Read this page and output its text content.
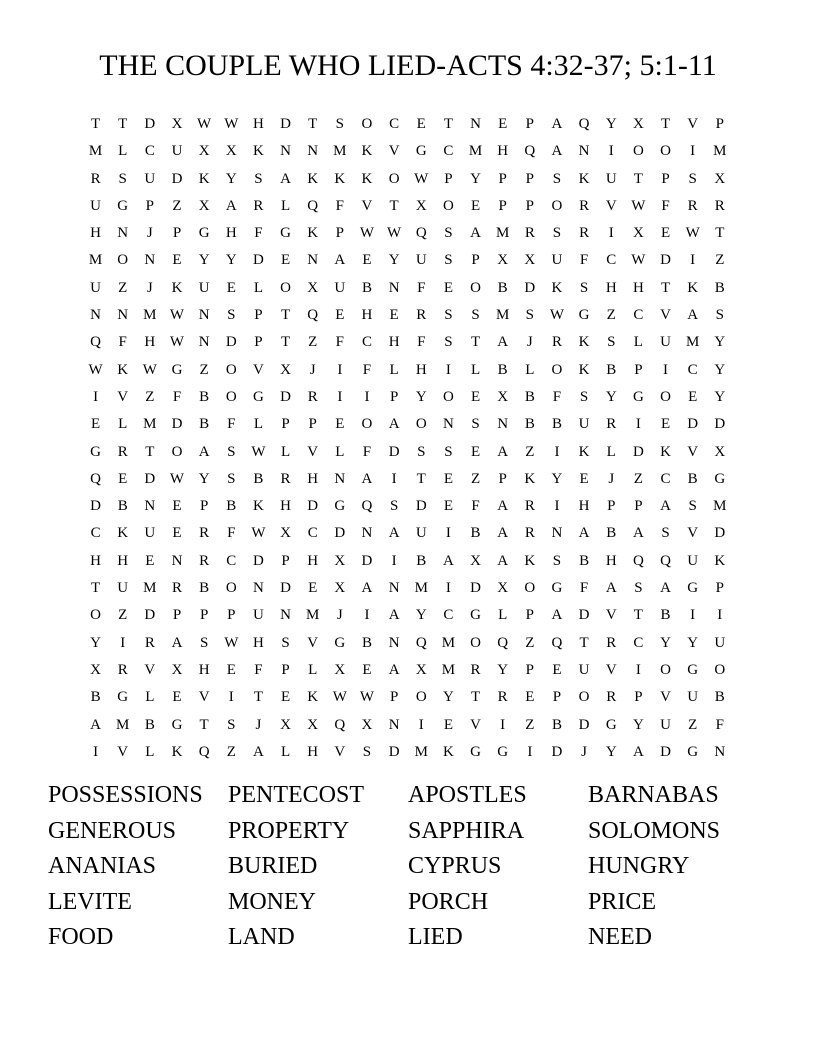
THE COUPLE WHO LIED-ACTS 4:32-37; 5:1-11
T	T	D	X W W H	D	T	S	O	C	E	T	N	E	P	A	Q	Y	X	T	V	P
M	L	C	U	X	X	K	N	N	M	K	V	G	C	M	H	Q	A	N	I	O	O	I	M
R	S	U	D	K	Y	S	A	K	K	K	O W	P	Y	P	P	S	K	U	T	P	S	X
U	G	P	Z	X	A	R	L	Q	F	V	T	X	O	E	P	P	O	R	V W	F	R	R
H	N	J	P	G	H	F	G	K	P	W W Q	S	A	M	R	S	R	I	X	E	W	T
M	O	N	E	Y	Y	D	E	N	A	E	Y	U	S	P	X	X	U	F	C	W D	I	Z
U	Z	J	K	U	E	L	O	X	U	B	N	F	E	O	B	D	K	S	H	H	T	K	B
N	N	M W N	S	P	T	Q	E	H	E	R	S	S	M	S	W G	Z	C	V	A	S
Q	F	H W N	D	P	T	Z	F	C	H	F	S	T	A	J	R	K	S	L	U	M	Y
W K W G	Z	O	V	X	J	I	F	L	H	I	L	B	L	O	K	B	P	I	C	Y
I	V	Z	F	B	O	G	D	R	I	I	P	Y	O	E	X	B	F	S	Y	G	O	E	Y
E	L	M	D	B	F	L	P	P	E	O	A	O	N	S	N	B	B	U	R	I	E	D	D
G	R	T	O	A	S	W	L	V	L	F	D	S	S	E	A	Z	I	K	L	D	K	V	X
Q	E	D W Y	S	B	R	H	N	A	I	T	E	Z	P	K	Y	E	J	Z	C	B	G
D	B	N	E	P	B	K	H	D	G	Q	S	D	E	F	A	R	I	H	P	P	A	S	M
C	K	U	E	R	F	W X	C	D	N	A	U	I	B	A	R	N	A	B	A	S	V	D
H	H	E	N	R	C	D	P	H	X	D	I	B	A	X	A	K	S	B	H	Q	Q	U	K
T	U	M	R	B	O	N	D	E	X	A	N	M	I	D	X	O	G	F	A	S	A	G	P
O	Z	D	P	P	P	U	N	M	J	I	A	Y	C	G	L	P	A	D	V	T	B	I	I
Y	I	R	A	S	W H	S	V	G	B	N	Q	M	O	Q	Z	Q	T	R	C	Y	Y	U
X	R	V	X	H	E	F	P	L	X	E	A	X	M	R	Y	P	E	U	V	I	O	G	O
B	G	L	E	V	I	T	E	K W W	P	O	Y	T	R	E	P	O	R	P	V	U	B
A	M	B	G	T	S	J	X	X	Q	X	N	I	E	V	I	Z	B	D	G	Y	U	Z	F
I	V	L	K	Q	Z	A	L	H	V	S	D	M	K	G	G	I	D	J	Y	A	D	G	N
POSSESSIONS	PENTECOST	APOSTLES	BARNABAS
GENEROUS	PROPERTY	SAPPHIRA	SOLOMONS
ANANIAS	BURIED	CYPRUS	HUNGRY
LEVITE	MONEY	PORCH	PRICE
FOOD	LAND	LIED	NEED
